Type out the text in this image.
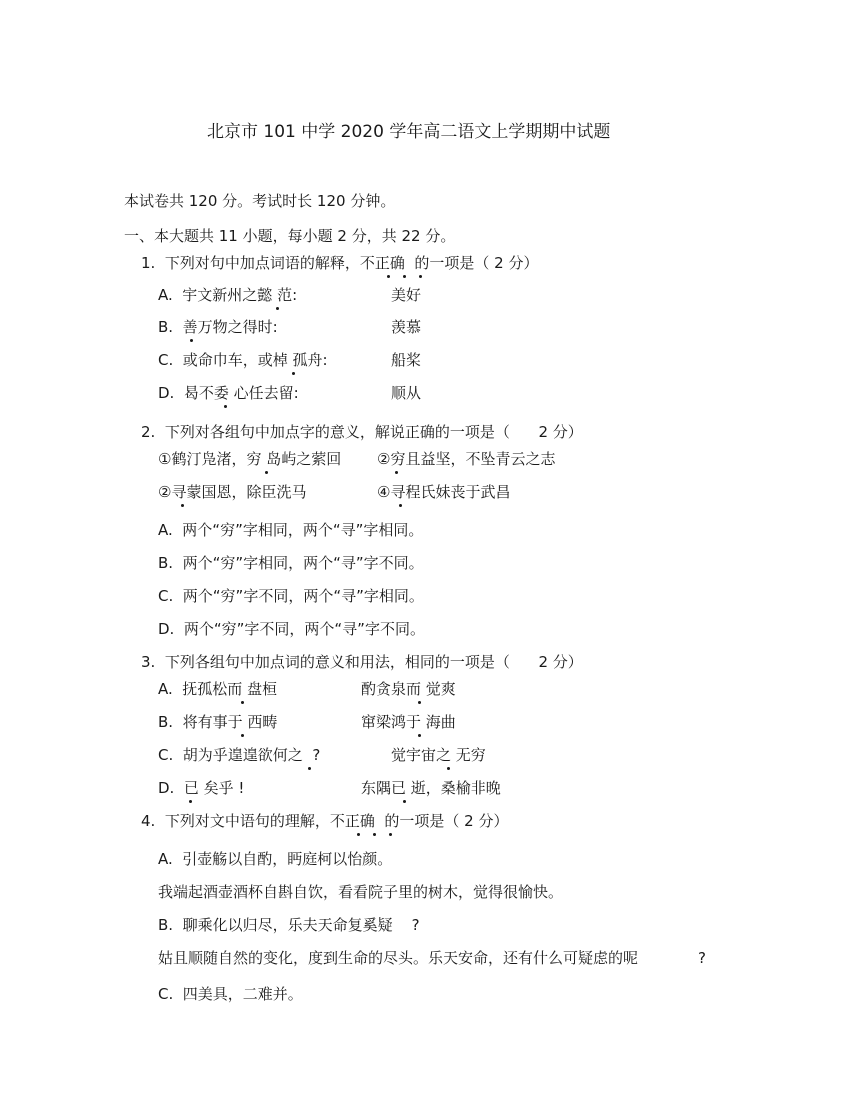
北京市 101 中学 2020 学年高二语文上学期期中试题
本试卷共 120 分。考试时长 120 分钟。
一、本大题共 11 小题，每小题 2 分，共 22 分。
1.  下列对句中加点词语的解释，不正确  的一项是（ 2 分）
A.  宇文新州之懿 范:	美好
B.  善万物之得时:	羡慕
C.  或命巾车，或棹 孤舟:	船桨
D.  曷不委 心任去留:	顺从
2.  下列对各组句中加点字的意义，解说正确的一项是（      2 分）
①鹤汀凫渚，穷 岛屿之萦回 ②穷且益坚，不坠青云之志
②寻蒙国恩，除臣洗马	④寻程氏妹丧于武昌
A.  两个“穷”字相同，两个“寻”字相同。
B.  两个“穷”字相同，两个“寻”字不同。
C.  两个“穷”字不同，两个“寻”字相同。
D.  两个“穷”字不同，两个“寻”字不同。
3.  下列各组句中加点词的意义和用法，相同的一项是（      2 分）
A.  抚孤松而 盘桓	酌贪泉而 觉爽
B.  将有事于 西畴	窜梁鸿于 海曲
C.  胡为乎遑遑欲何之  ?	觉宇宙之 无穷
D.  已 矣乎 !	东隅已 逝，桑榆非晚
4.  下列对文中语句的理解，不正确  的一项是（ 2 分）
A.  引壶觞以自酌，眄庭柯以怡颜。
我端起酒壶酒杯自斟自饮，看看院子里的树木，觉得很愉快。
B.  聊乘化以归尽，乐夫天命复奚疑    ?
姑且顺随自然的变化，度到生命的尽头。乐天安命，还有什么可疑虑的呢	?
C.  四美具，二难并。
